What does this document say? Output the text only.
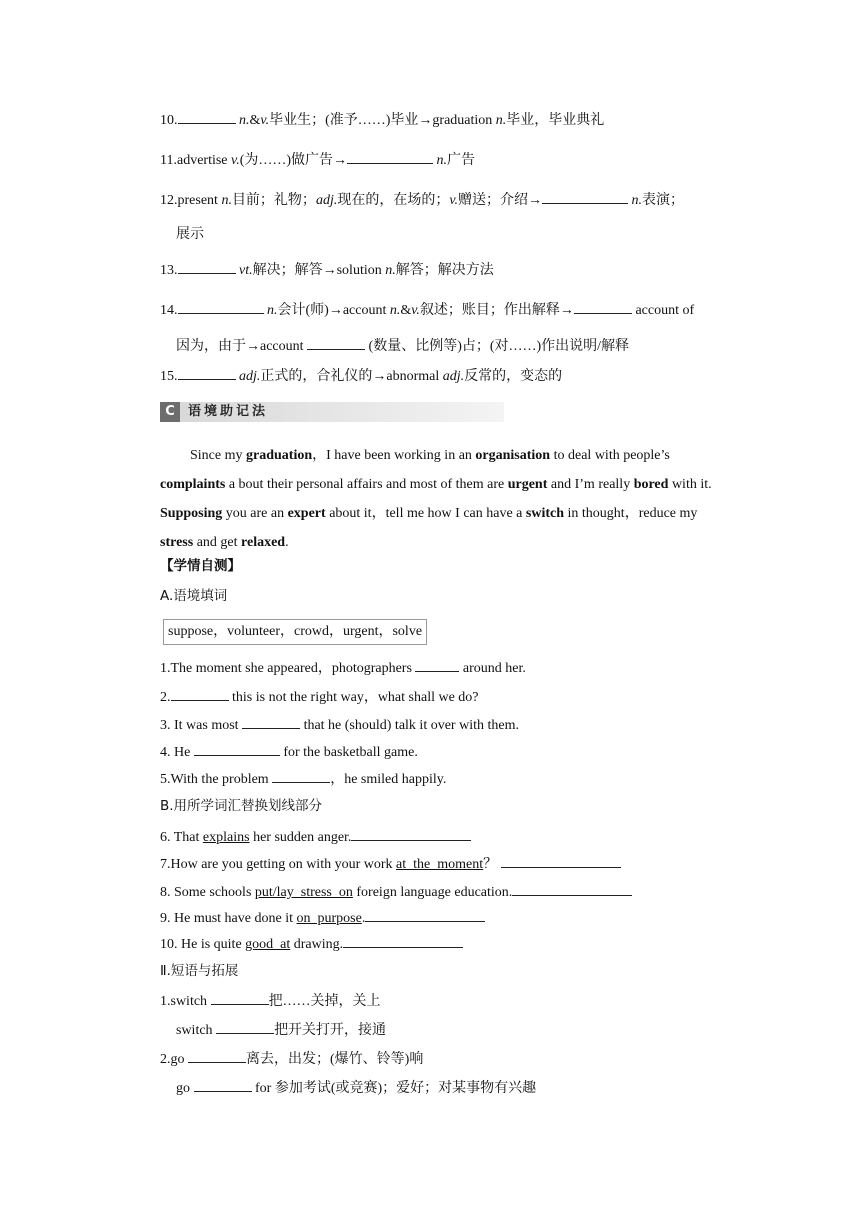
10.	n.&v.毕业生；(准予……)毕业→graduation n.毕业，毕业典礼
11.advertise v.(为……)做广告→	n.广告
12.present n.目前；礼物；adj.现在的，在场的；v.赠送；介绍→	n.表演；
展示
13.	vt.解决；解答→solution n.解答；解决方法
14.	n.会计(师)→account n.&v.叙述；账目；作出解释→	account of
因为，由于→account	(数量、比例等)占；(对……)作出说明/解释
15.	adj.正式的，合礼仪的→abnormal adj.反常的，变态的
C	语境助记法
Since my graduation，I have been working in an organisation to deal with people’s complaints a bout their personal affairs and most of them are urgent and I’m really bored with it. Supposing you are an expert about it，tell me how I can have a switch in thought，reduce my stress and get relaxed.
【学情自测】
A.语境填词
suppose，volunteer，crowd，urgent，solve
1.The moment she appeared，photographers	around her.
2.	this is not the right way，what shall we do?
3. It was most	that he (should) talk it over with them.
4. He	for the basketball game.
5.With the problem	，he smiled happily.
B.用所学词汇替换划线部分
6. That explains her sudden anger.
7.How are you getting on with your work at  the  moment？
8. Some schools put/lay  stress  on foreign language education.
9. He must have done it on  purpose.
10. He is quite good  at drawing.
Ⅱ.短语与拓展
1.switch	把……关掉，关上
switch	把开关打开，接通
2.go	离去，出发；(爆竹、铃等)响
go	for 参加考试(或竞赛)；爱好；对某事物有兴趣
